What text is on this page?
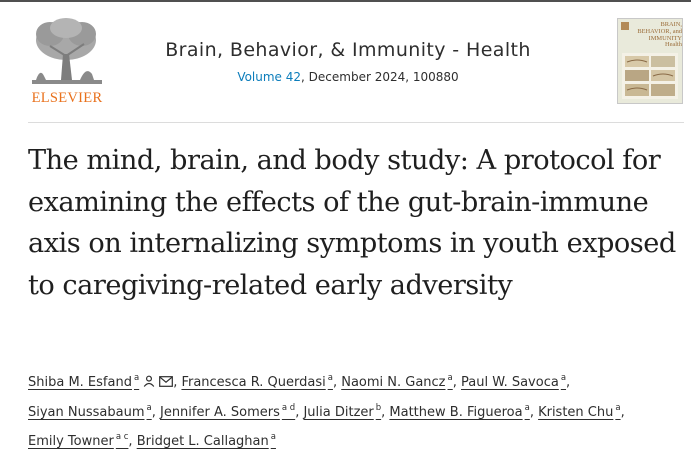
ELSEVIER
Brain, Behavior, & Immunity - Health
Volume 42, December 2024, 100880
BRAIN, BEHAVIOR, and IMMUNITY Health
The mind, brain, and body study: A protocol for examining the effects of the gut-brain-immune axis on internalizing symptoms in youth exposed to caregiving-related early adversity
Shiba M. Esfand $^a$	, Francesca R. Querdasi $^a$, Naomi N. Gancz $^a$, Paul W. Savoca $^a$, Siyan Nussabaum $^a$, Jennifer A. Somers $^{a d}$, Julia Ditzer $^b$, Matthew B. Figueroa $^a$, Kristen Chu $^a$, Emily Towner $^{a c}$, Bridget L. Callaghan $^a$
